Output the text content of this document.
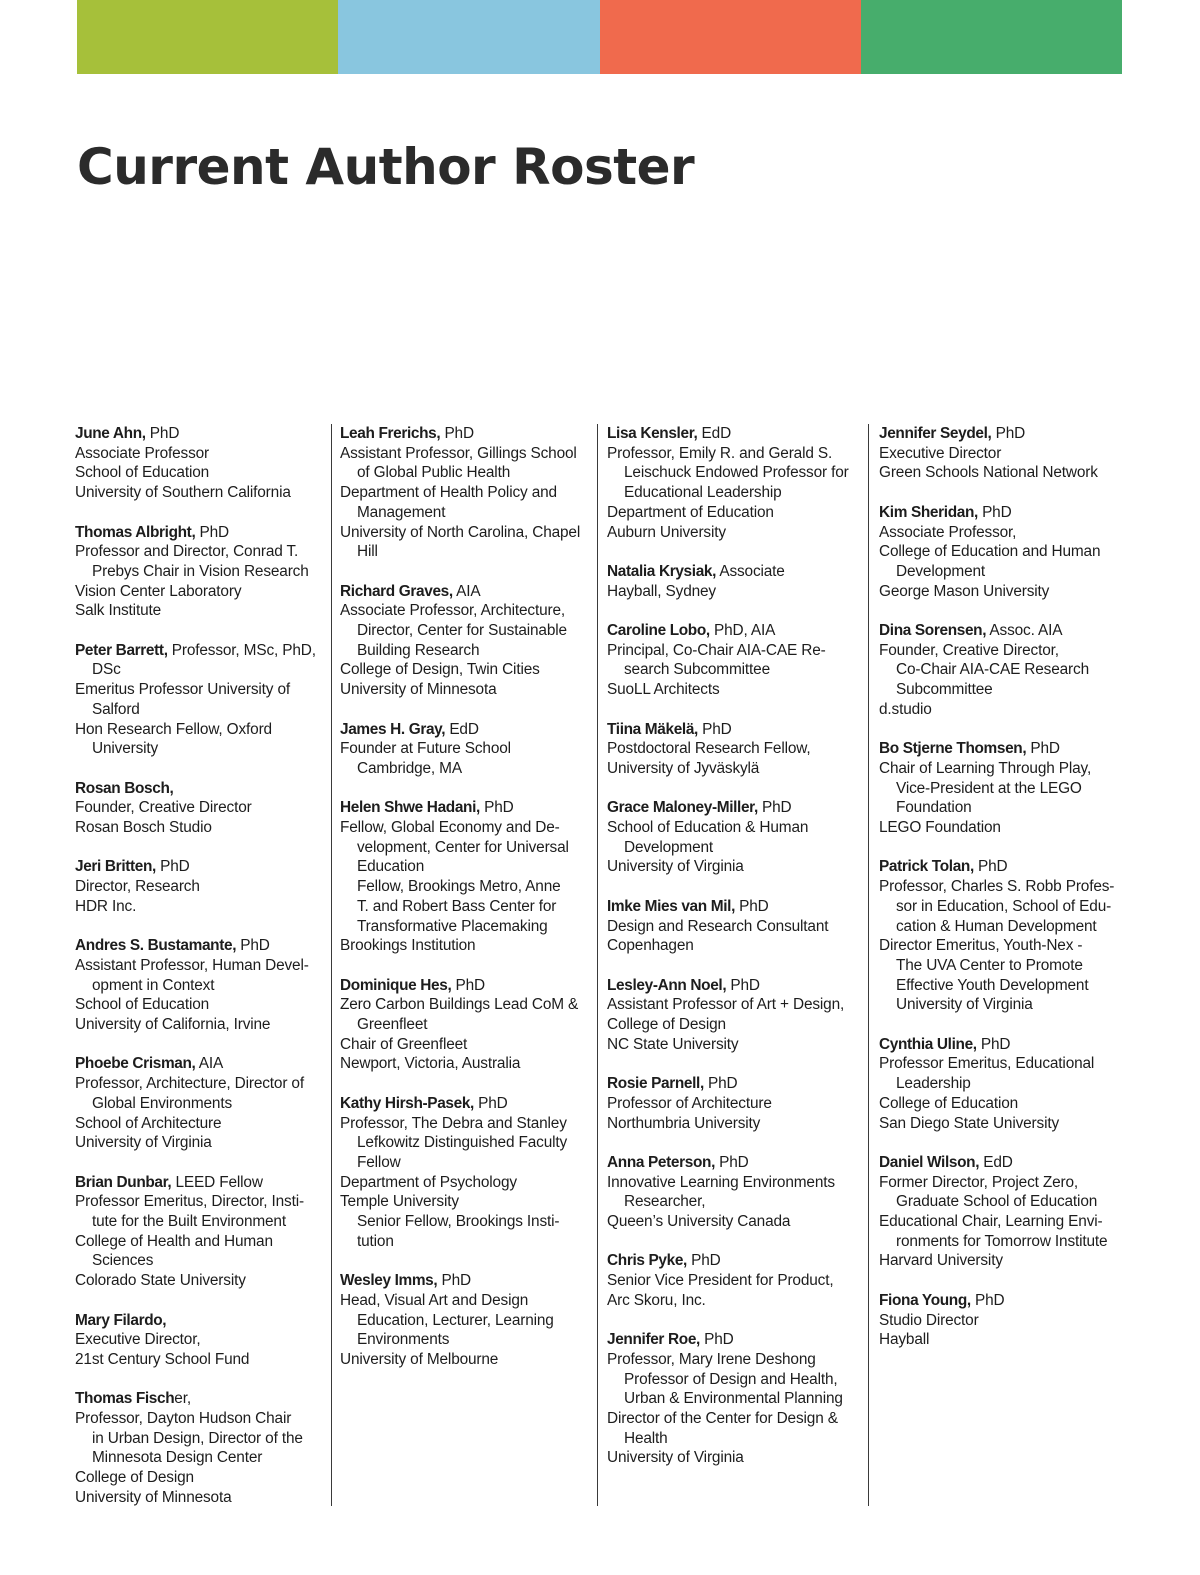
Current Author Roster
June Ahn, PhD
Associate Professor
School of Education
University of Southern California
Thomas Albright, PhD
Professor and Director, Conrad T.
Prebys Chair in Vision Research
Vision Center Laboratory
Salk Institute
Peter Barrett, Professor, MSc, PhD,
DSc
Emeritus Professor University of
Salford
Hon Research Fellow, Oxford
University
Rosan Bosch,
Founder, Creative Director
Rosan Bosch Studio
Jeri Britten, PhD
Director, Research
HDR Inc.
Andres S. Bustamante, PhD
Assistant Professor, Human Devel-
opment in Context
School of Education
University of California, Irvine
Phoebe Crisman, AIA
Professor, Architecture, Director of
Global Environments
School of Architecture
University of Virginia
Brian Dunbar, LEED Fellow
Professor Emeritus, Director, Insti-
tute for the Built Environment
College of Health and Human
Sciences
Colorado State University
Mary Filardo,
Executive Director,
21st Century School Fund
Thomas Fischer,
Professor, Dayton Hudson Chair
in Urban Design, Director of the
Minnesota Design Center
College of Design
University of Minnesota
Leah Frerichs, PhD
Assistant Professor, Gillings School
of Global Public Health
Department of Health Policy and
Management
University of North Carolina, Chapel
Hill
Richard Graves, AIA
Associate Professor, Architecture,
Director, Center for Sustainable
Building Research
College of Design, Twin Cities
University of Minnesota
James H. Gray, EdD
Founder at Future School
Cambridge, MA
Helen Shwe Hadani, PhD
Fellow, Global Economy and De-
velopment, Center for Universal
Education
Fellow, Brookings Metro, Anne
T. and Robert Bass Center for
Transformative Placemaking
Brookings Institution
Dominique Hes, PhD
Zero Carbon Buildings Lead CoM &
Greenfleet
Chair of Greenfleet
Newport, Victoria, Australia
Kathy Hirsh-Pasek, PhD
Professor, The Debra and Stanley
Lefkowitz Distinguished Faculty
Fellow
Department of Psychology
Temple University
Senior Fellow, Brookings Insti-
tution
Wesley Imms, PhD
Head, Visual Art and Design
Education, Lecturer, Learning
Environments
University of Melbourne
Lisa Kensler, EdD
Professor, Emily R. and Gerald S.
Leischuck Endowed Professor for
Educational Leadership
Department of Education
Auburn University
Natalia Krysiak, Associate
Hayball, Sydney
Caroline Lobo, PhD, AIA
Principal, Co-Chair AIA-CAE Re-
search Subcommittee
SuoLL Architects
Tiina Mäkelä, PhD
Postdoctoral Research Fellow,
University of Jyväskylä
Grace Maloney-Miller, PhD
School of Education & Human
Development
University of Virginia
Imke Mies van Mil, PhD
Design and Research Consultant
Copenhagen
Lesley-Ann Noel, PhD
Assistant Professor of Art + Design,
College of Design
NC State University
Rosie Parnell, PhD
Professor of Architecture
Northumbria University
Anna Peterson, PhD
Innovative Learning Environments
Researcher,
Queen’s University Canada
Chris Pyke, PhD
Senior Vice President for Product,
Arc Skoru, Inc.
Jennifer Roe, PhD
Professor, Mary Irene Deshong
Professor of Design and Health,
Urban & Environmental Planning
Director of the Center for Design &
Health
University of Virginia
Jennifer Seydel, PhD
Executive Director
Green Schools National Network
Kim Sheridan, PhD
Associate Professor,
College of Education and Human
Development
George Mason University
Dina Sorensen, Assoc. AIA
Founder, Creative Director,
Co-Chair AIA-CAE Research
Subcommittee
d.studio
Bo Stjerne Thomsen, PhD
Chair of Learning Through Play,
Vice-President at the LEGO
Foundation
LEGO Foundation
Patrick Tolan, PhD
Professor, Charles S. Robb Profes-
sor in Education, School of Edu-
cation & Human Development
Director Emeritus, Youth-Nex -
The UVA Center to Promote
Effective Youth Development
University of Virginia
Cynthia Uline, PhD
Professor Emeritus, Educational
Leadership
College of Education
San Diego State University
Daniel Wilson, EdD
Former Director, Project Zero,
Graduate School of Education
Educational Chair, Learning Envi-
ronments for Tomorrow Institute
Harvard University
Fiona Young, PhD
Studio Director
Hayball
